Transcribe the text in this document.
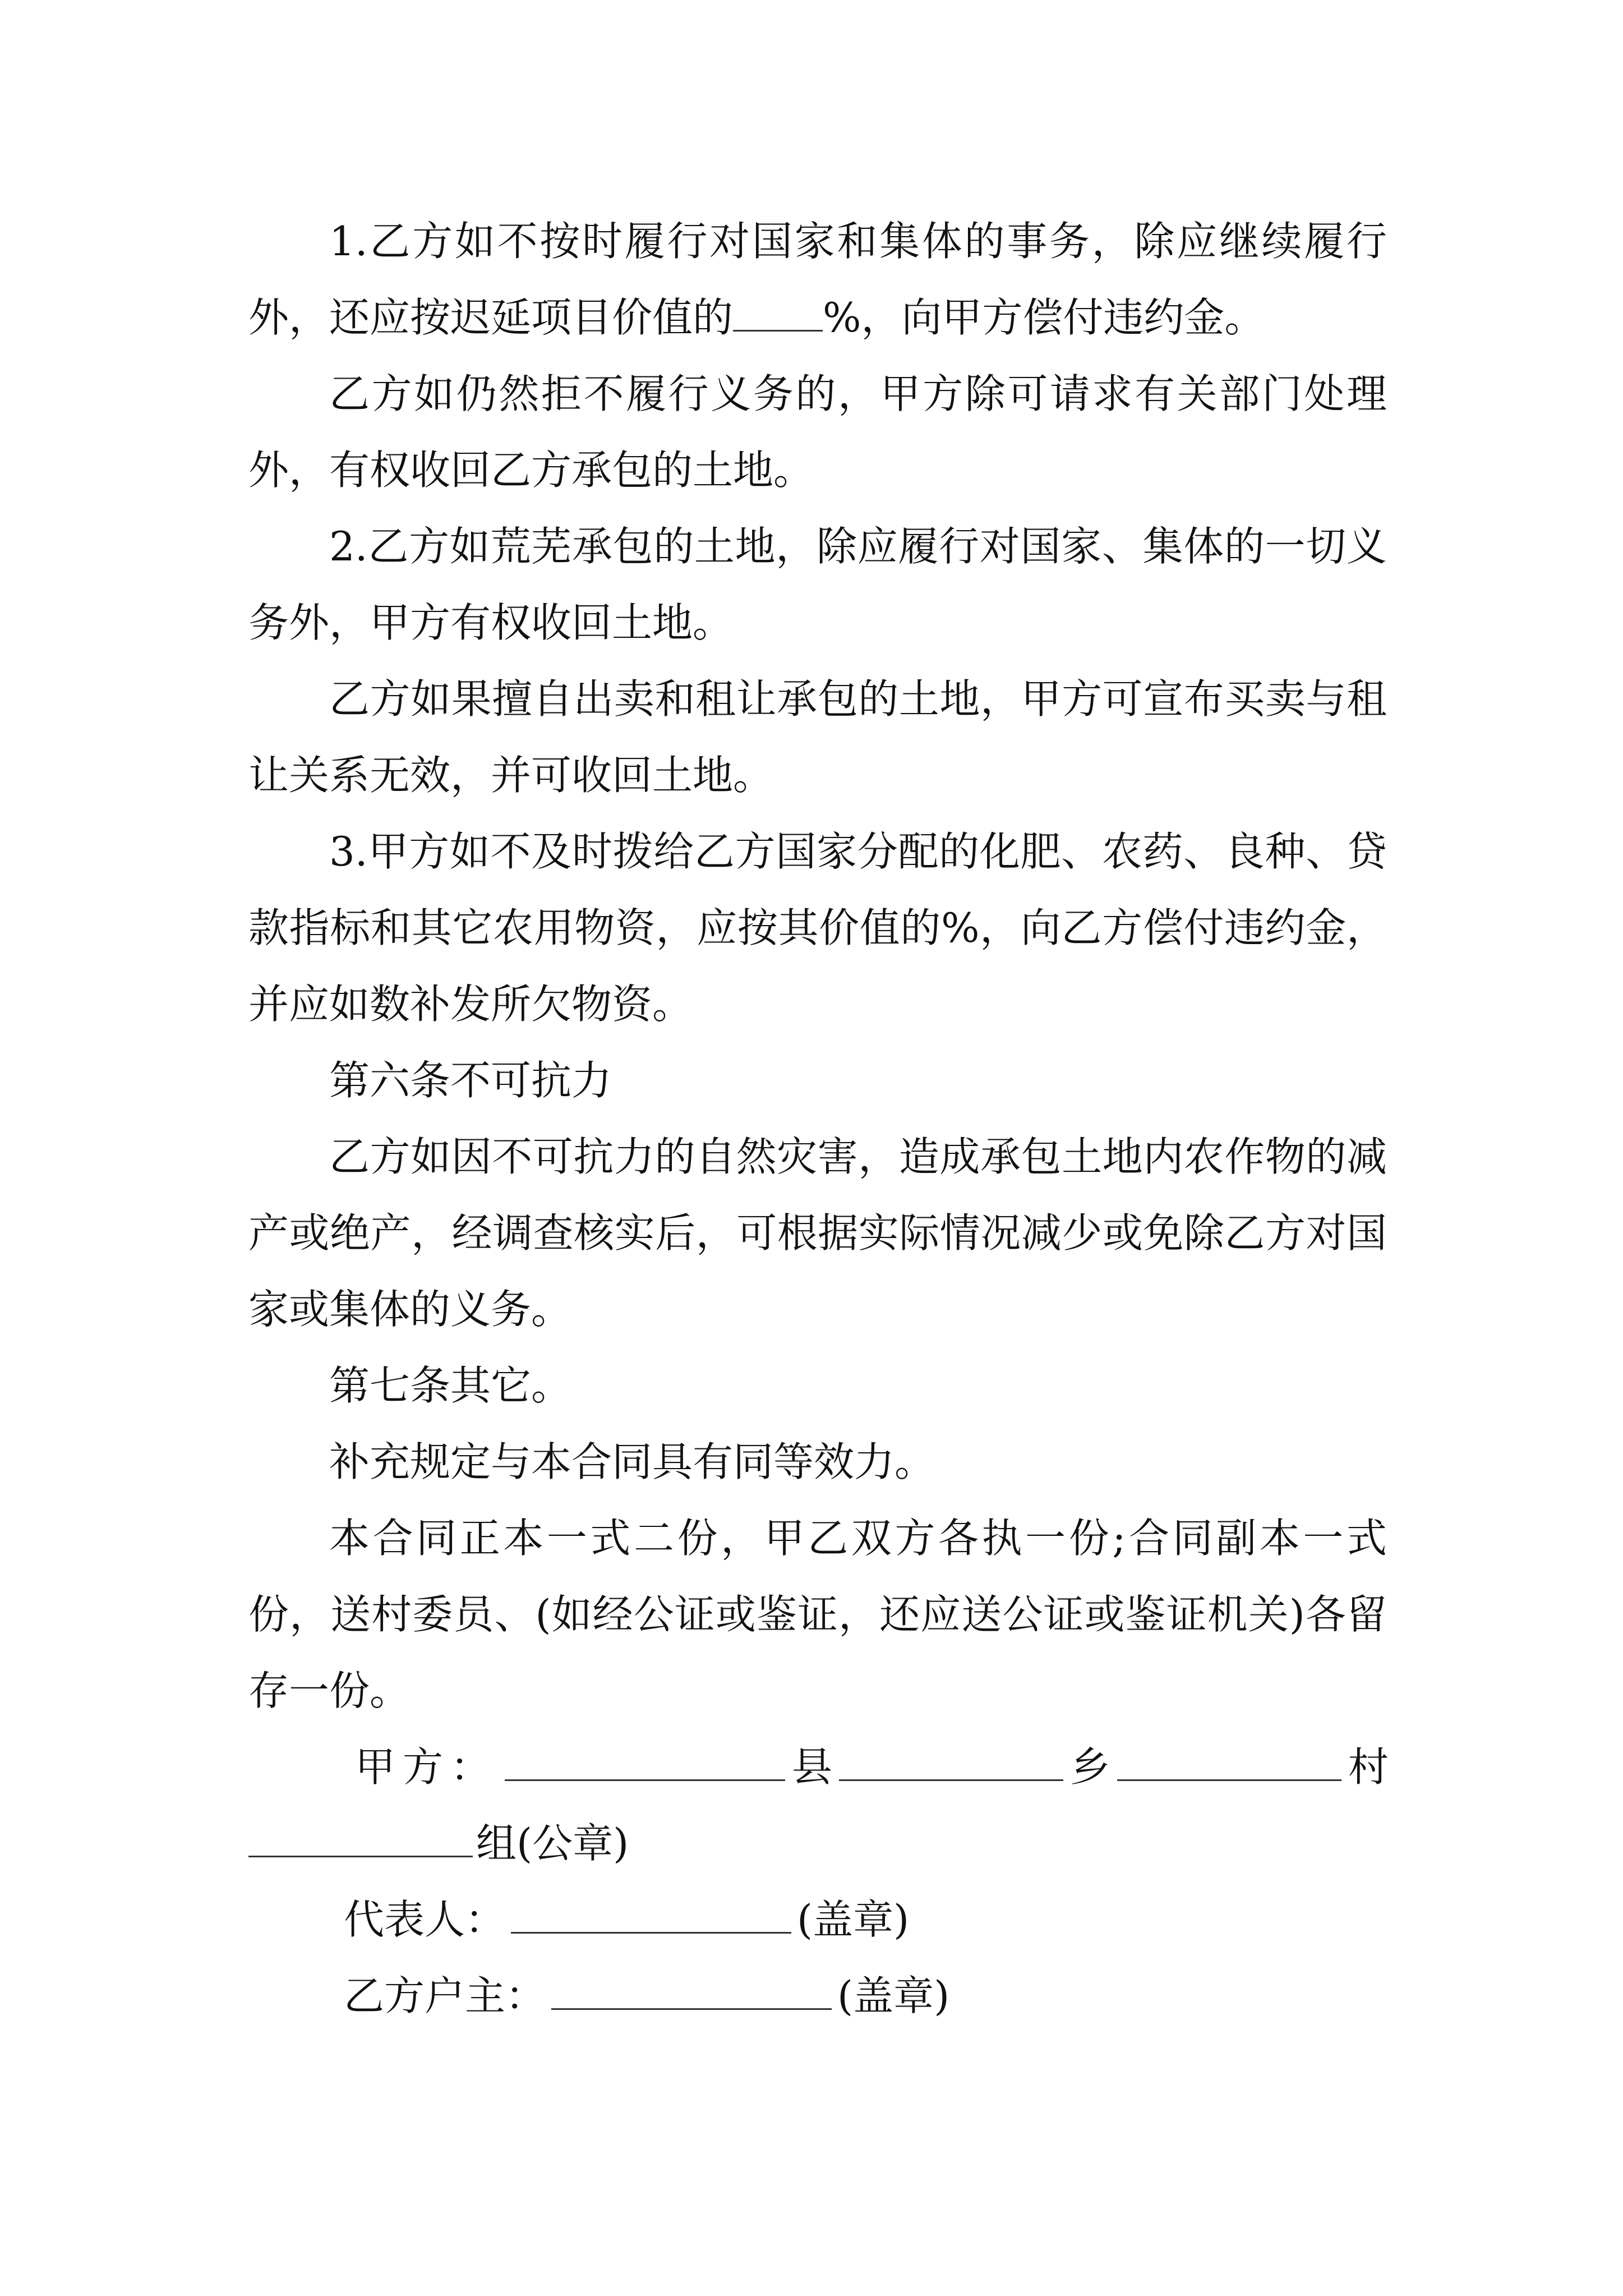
1.乙方如不按时履行对国家和集体的事务，除应继续履行外，还应按迟延项目价值的 %，向甲方偿付违约金。

乙方如仍然拒不履行义务的，甲方除可请求有关部门处理外，有权收回乙方承包的土地。

2.乙方如荒芜承包的土地，除应履行对国家、集体的一切义务外，甲方有权收回土地。

乙方如果擅自出卖和租让承包的土地，甲方可宣布买卖与租让关系无效，并可收回土地。

3.甲方如不及时拨给乙方国家分配的化肥、农药、良种、贷款指标和其它农用物资，应按其价值的%，向乙方偿付违约金，并应如数补发所欠物资。

第六条不可抗力

乙方如因不可抗力的自然灾害，造成承包土地内农作物的减产或绝产，经调查核实后，可根据实际情况减少或免除乙方对国家或集体的义务。

第七条其它。

补充规定与本合同具有同等效力。

本合同正本一式二份，甲乙双方各执一份;合同副本一式份，送村委员、(如经公证或鉴证，还应送公证或鉴证机关)各留存一份。

甲方：	县	乡	村

组(公章)

代表人：	(盖章)

乙方户主：	(盖章)
